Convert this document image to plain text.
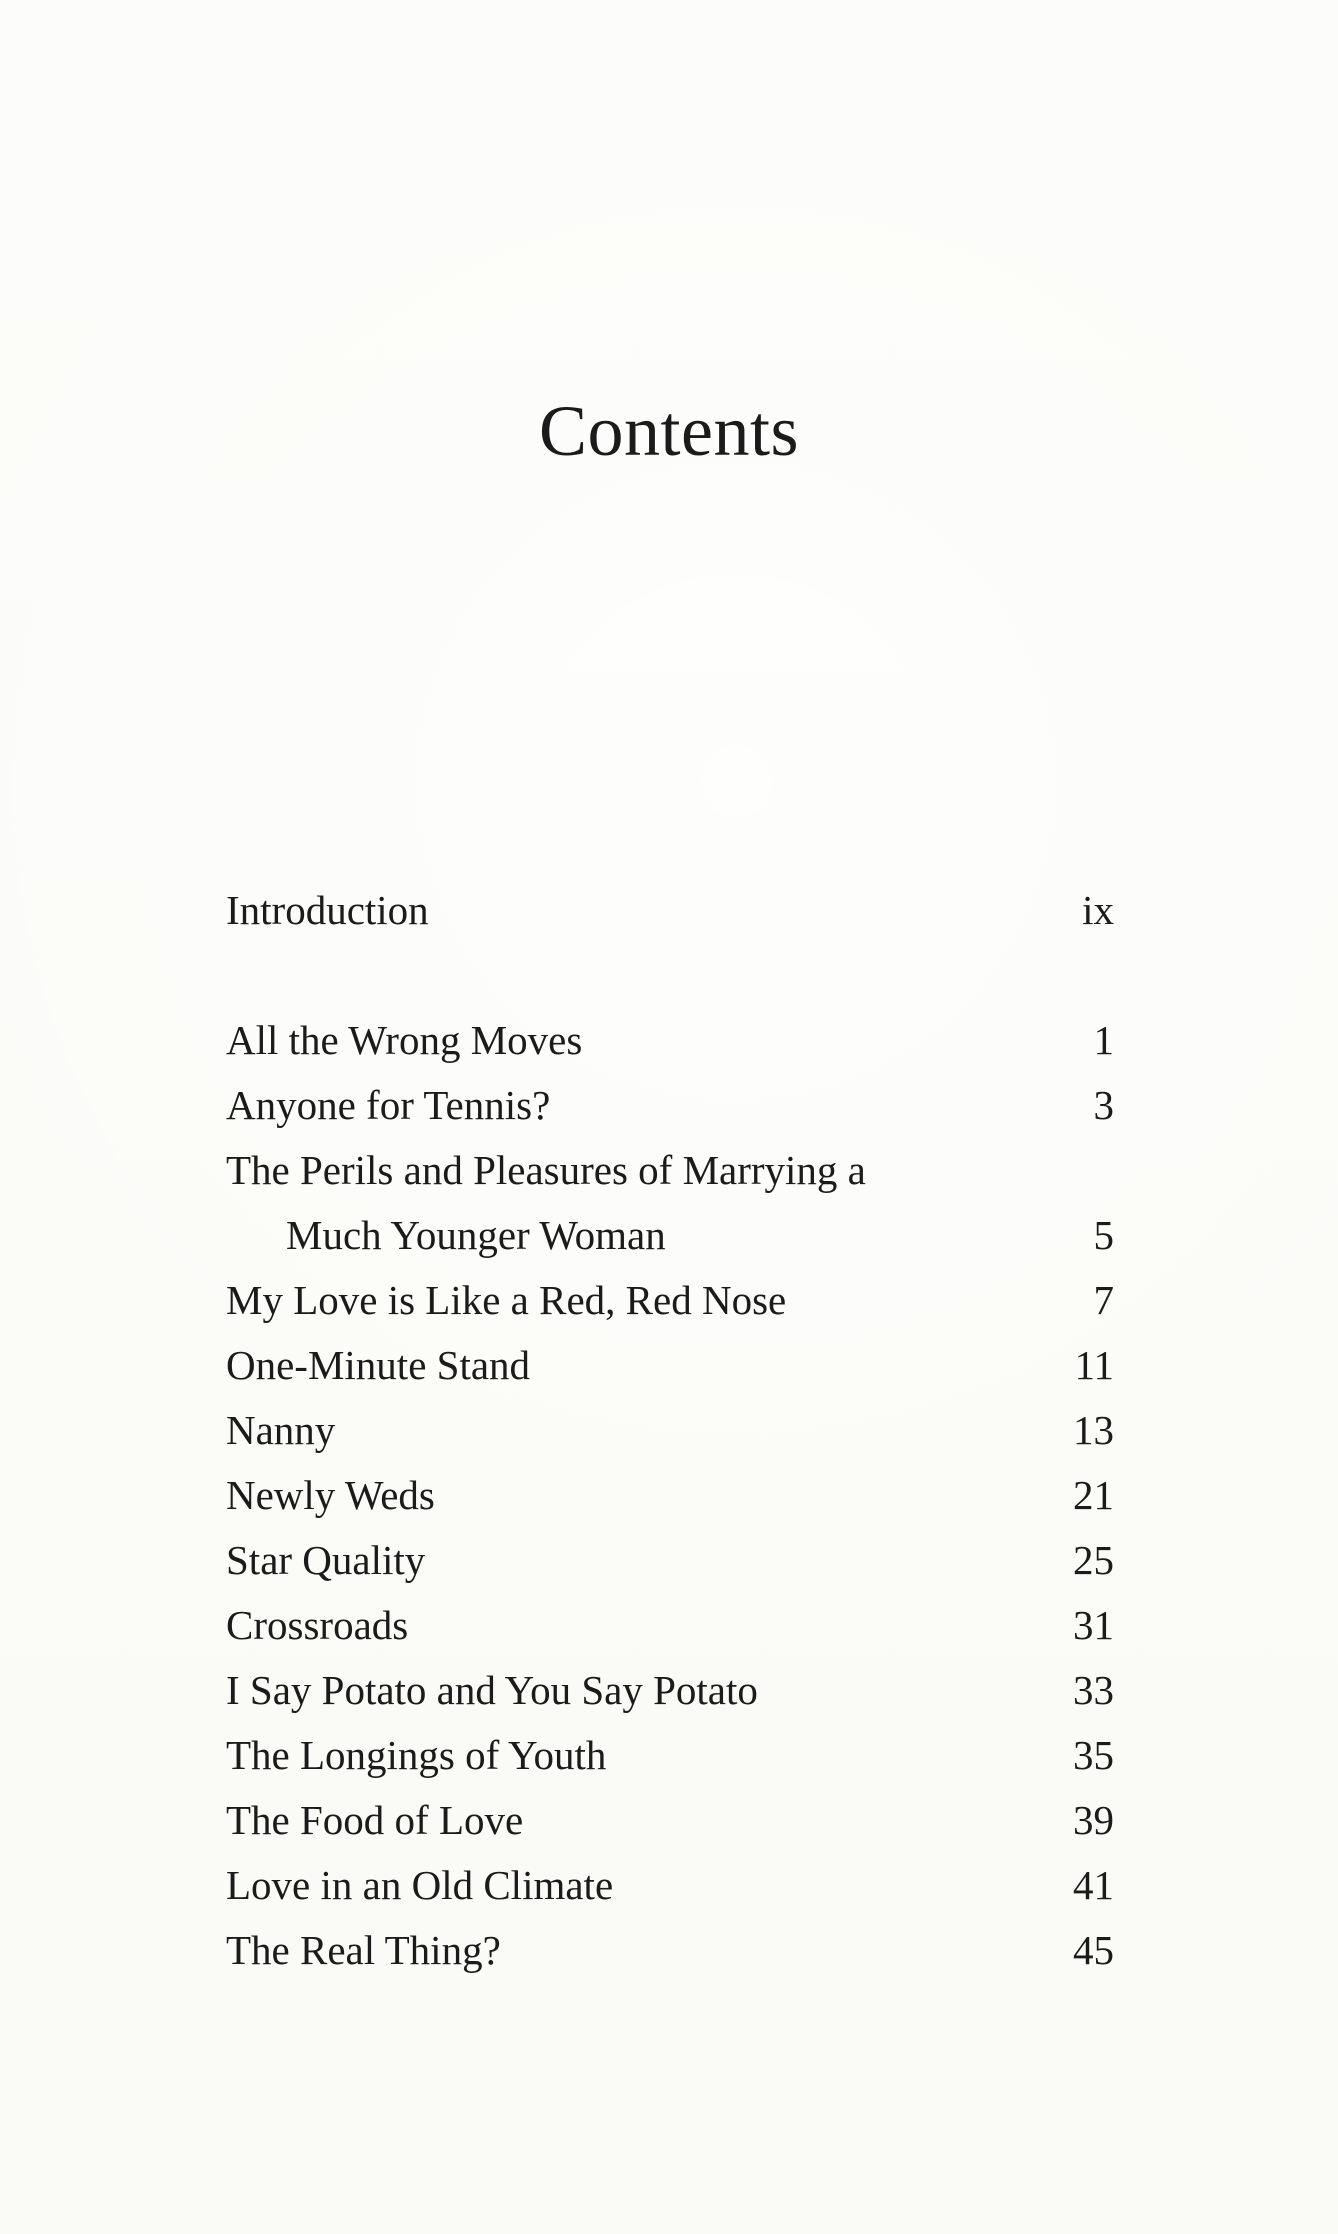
Contents
Introduction	ix
All the Wrong Moves	1
Anyone for Tennis?	3
The Perils and Pleasures of Marrying a
Much Younger Woman	5
My Love is Like a Red, Red Nose	7
One-Minute Stand	11
Nanny	13
Newly Weds	21
Star Quality	25
Crossroads	31
I Say Potato and You Say Potato	33
The Longings of Youth	35
The Food of Love	39
Love in an Old Climate	41
The Real Thing?	45
